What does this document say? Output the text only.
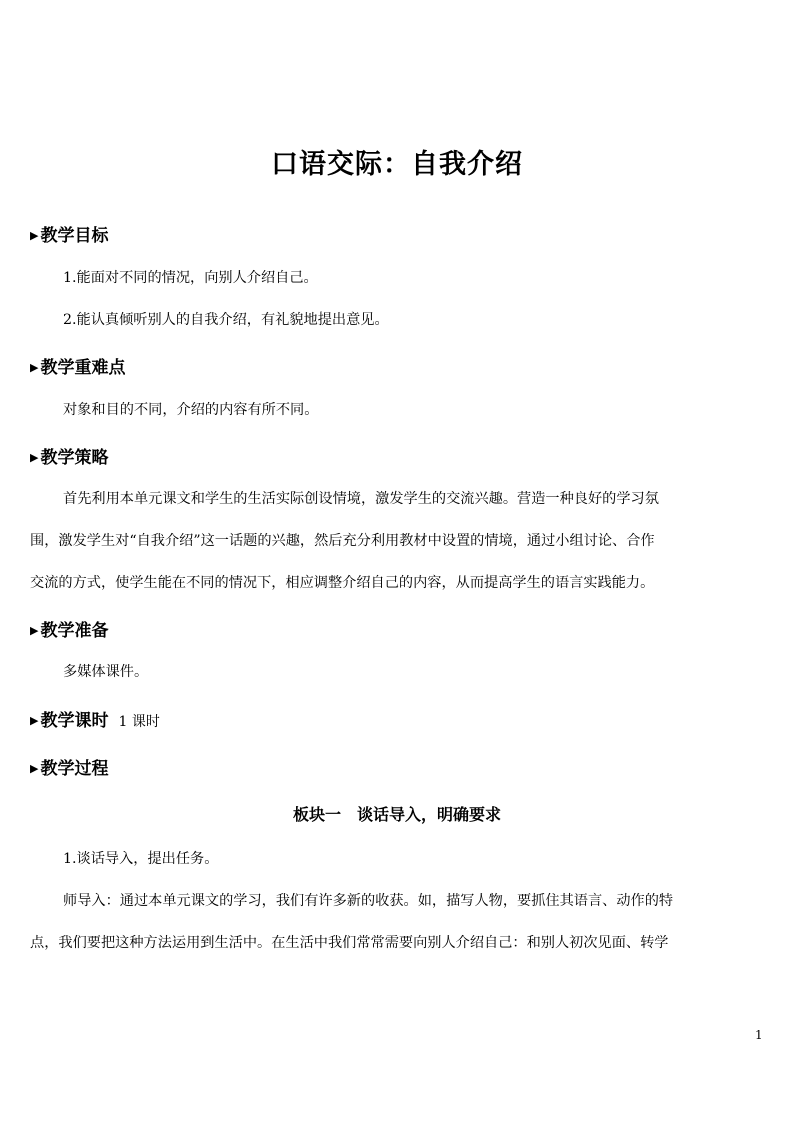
口语交际：自我介绍
▶ 教学目标
1.能面对不同的情况，向别人介绍自己。
2.能认真倾听别人的自我介绍，有礼貌地提出意见。
▶ 教学重难点
对象和目的不同，介绍的内容有所不同。
▶ 教学策略
首先利用本单元课文和学生的生活实际创设情境，激发学生的交流兴趣。营造一种良好的学习氛
围，激发学生对“自我介绍”这一话题的兴趣，然后充分利用教材中设置的情境，通过小组讨论、合作
交流的方式，使学生能在不同的情况下，相应调整介绍自己的内容，从而提高学生的语言实践能力。
▶ 教学准备
多媒体课件。
▶ 教学课时 1 课时
▶ 教学过程
板块一　谈话导入，明确要求
1.谈话导入，提出任务。
师导入：通过本单元课文的学习，我们有许多新的收获。如，描写人物，要抓住其语言、动作的特
点，我们要把这种方法运用到生活中。在生活中我们常常需要向别人介绍自己：和别人初次见面、转学
1
